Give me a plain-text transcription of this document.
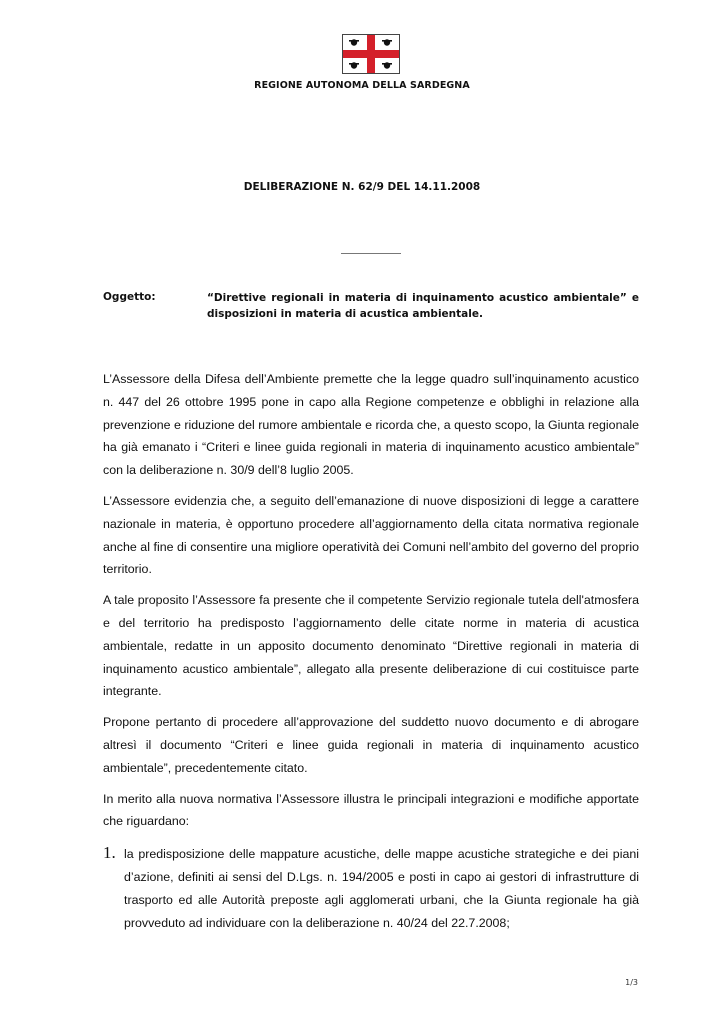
REGIONE AUTONOMA DELLA SARDEGNA
DELIBERAZIONE N. 62/9 DEL 14.11.2008
Oggetto:	“Direttive regionali in materia di inquinamento acustico ambientale” e disposizioni in materia di acustica ambientale.

L’Assessore della Difesa dell’Ambiente premette che la legge quadro sull’inquinamento acustico n. 447 del 26 ottobre 1995 pone in capo alla Regione competenze e obblighi in relazione alla prevenzione e riduzione del rumore ambientale e ricorda che, a questo scopo, la Giunta regionale ha già emanato i “Criteri e linee guida regionali in materia di inquinamento acustico ambientale” con la deliberazione n. 30/9 dell’8 luglio 2005.

L’Assessore evidenzia che, a seguito dell’emanazione di nuove disposizioni di legge a carattere nazionale in materia, è opportuno procedere all’aggiornamento della citata normativa regionale anche al fine di consentire una migliore operatività dei Comuni nell’ambito del governo del proprio territorio.

A tale proposito l’Assessore fa presente che il competente Servizio regionale tutela dell'atmosfera e del territorio ha predisposto l’aggiornamento delle citate norme in materia di acustica ambientale, redatte in un apposito documento denominato “Direttive regionali in materia di inquinamento acustico ambientale”, allegato alla presente deliberazione di cui costituisce parte integrante.

Propone pertanto di procedere all’approvazione del suddetto nuovo documento e di abrogare altresì il documento “Criteri e linee guida regionali in materia di inquinamento acustico ambientale”, precedentemente citato.

In merito alla nuova normativa l’Assessore illustra le principali integrazioni e modifiche apportate che riguardano:

1. la predisposizione delle mappature acustiche, delle mappe acustiche strategiche e dei piani d’azione, definiti ai sensi del D.Lgs. n. 194/2005 e posti in capo ai gestori di infrastrutture di trasporto ed alle Autorità preposte agli agglomerati urbani, che la Giunta regionale ha già provveduto ad individuare con la deliberazione n. 40/24 del 22.7.2008;
1/3
